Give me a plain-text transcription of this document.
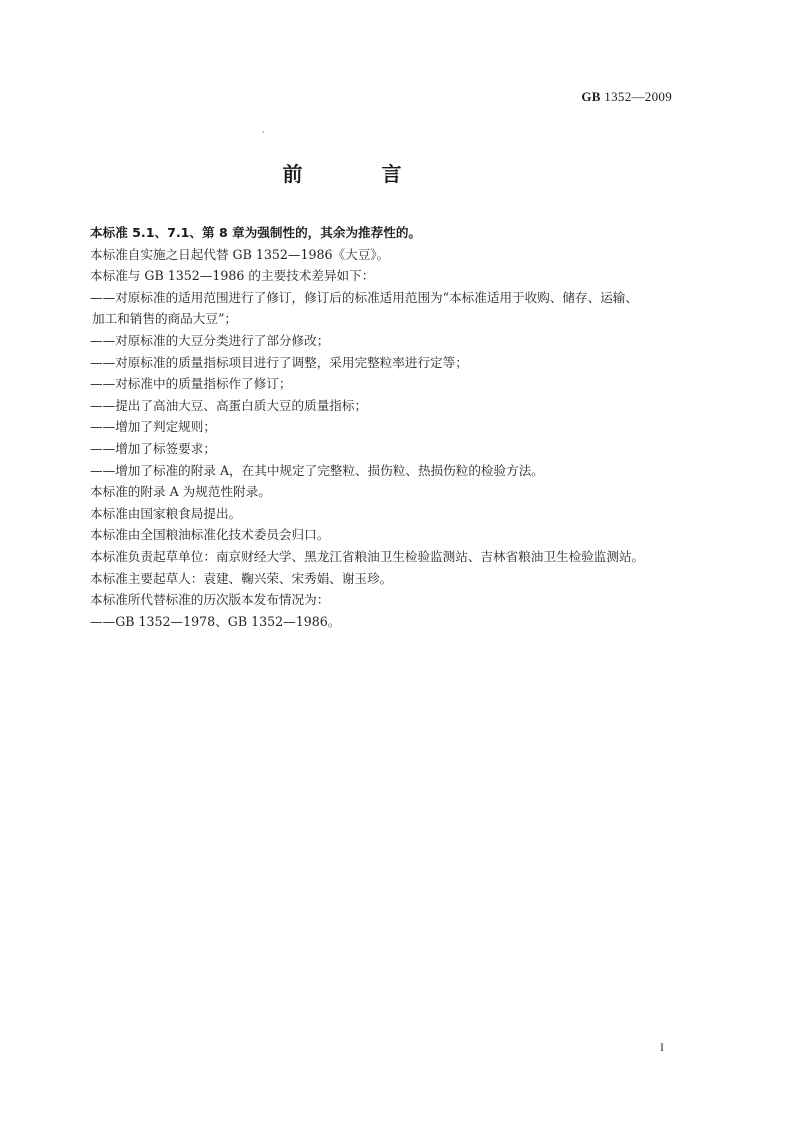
GB 1352—2009
前 言
本标准 5.1、7.1、第 8 章为强制性的，其余为推荐性的。
本标准自实施之日起代替 GB 1352—1986《大豆》。
本标准与 GB 1352—1986 的主要技术差异如下：
——对原标准的适用范围进行了修订，修订后的标准适用范围为“本标准适用于收购、储存、运输、
加工和销售的商品大豆”；
——对原标准的大豆分类进行了部分修改；
——对原标准的质量指标项目进行了调整，采用完整粒率进行定等；
——对标准中的质量指标作了修订；
——提出了高油大豆、高蛋白质大豆的质量指标；
——增加了判定规则；
——增加了标签要求；
——增加了标准的附录 A，在其中规定了完整粒、损伤粒、热损伤粒的检验方法。
本标准的附录 A 为规范性附录。
本标准由国家粮食局提出。
本标准由全国粮油标准化技术委员会归口。
本标准负责起草单位：南京财经大学、黑龙江省粮油卫生检验监测站、吉林省粮油卫生检验监测站。
本标准主要起草人：袁建、鞠兴荣、宋秀娟、谢玉珍。
本标准所代替标准的历次版本发布情况为：
——GB 1352—1978、GB 1352—1986。
I
